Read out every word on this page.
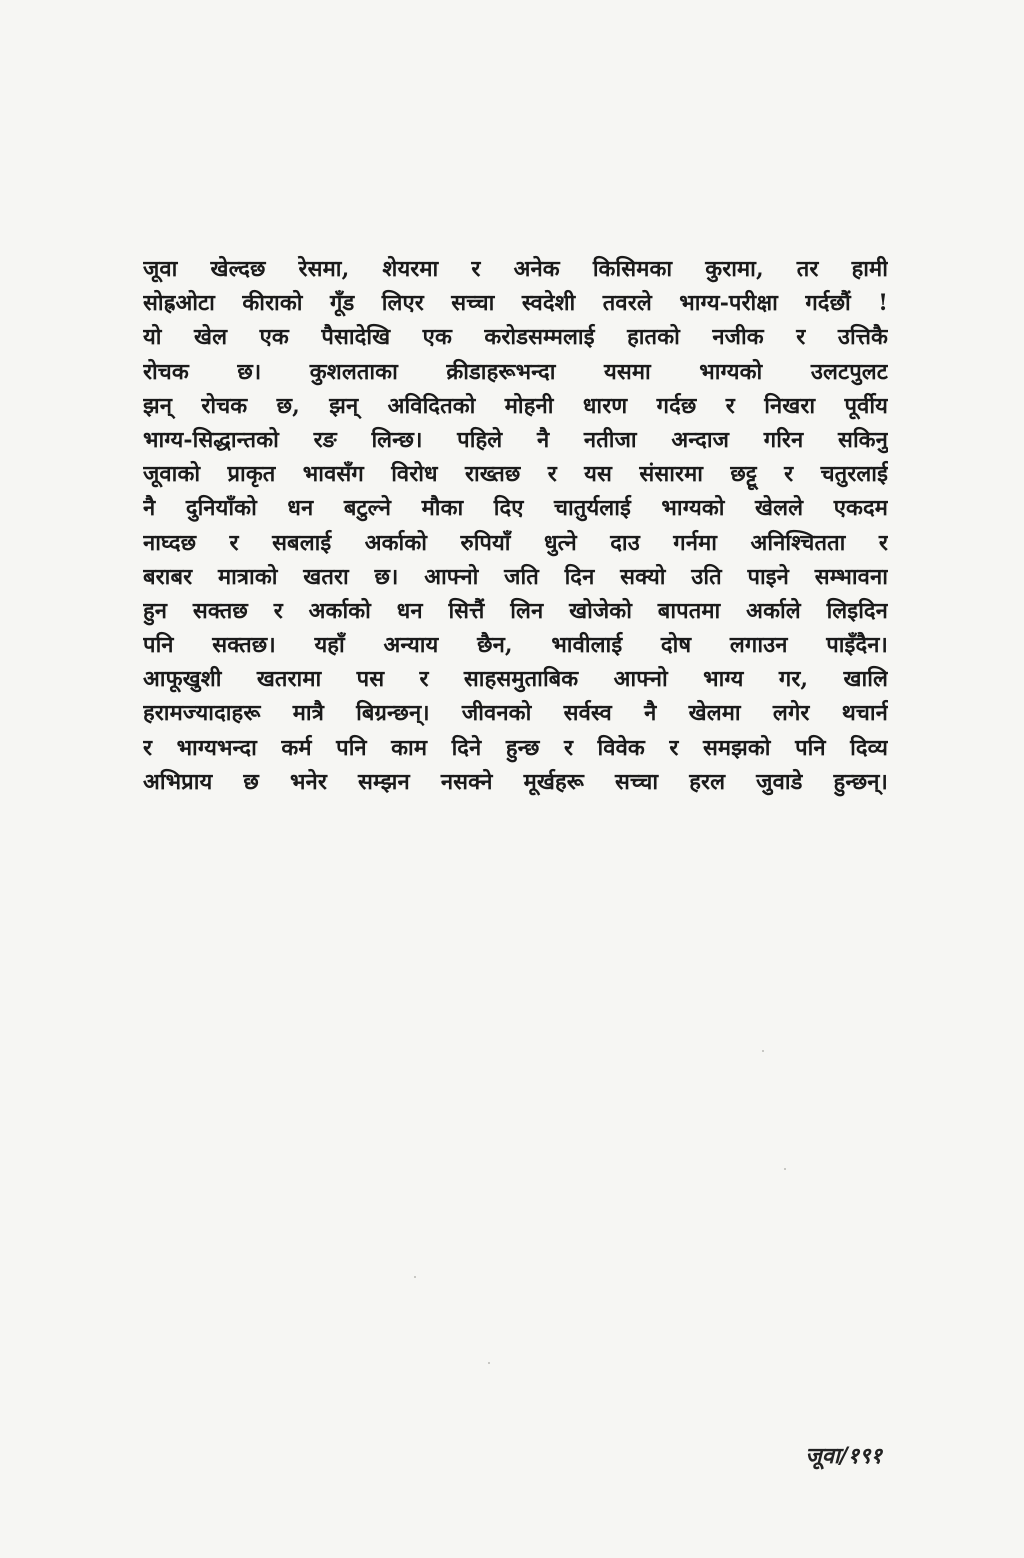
जूवा खेल्दछ रेसमा, शेयरमा र अनेक किसिमका कुरामा, तर हामी
सोह्रओटा कीराको गूँड लिएर सच्चा स्वदेशी तवरले भाग्य-परीक्षा गर्दछौं !
यो खेल एक पैसादेखि एक करोडसम्मलाई हातको नजीक र उत्तिकै
रोचक छ। कुशलताका क्रीडाहरूभन्दा यसमा भाग्यको उलटपुलट
झन् रोचक छ, झन् अविदितको मोहनी धारण गर्दछ र निखरा पूर्वीय
भाग्य-सिद्धान्तको रङ लिन्छ। पहिले नै नतीजा अन्दाज गरिन सकिनु
जूवाको प्राकृत भावसँग विरोध राख्तछ र यस संसारमा छट्टू र चतुरलाई
नै दुनियाँको धन बटुल्ने मौका दिए चातुर्यलाई भाग्यको खेलले एकदम
नाघ्दछ र सबलाई अर्काको रुपियाँ धुत्ने दाउ गर्नमा अनिश्चितता र
बराबर मात्राको खतरा छ। आफ्नो जति दिन सक्यो उति पाइने सम्भावना
हुन सक्तछ र अर्काको धन सित्तैं लिन खोजेको बापतमा अर्काले लिइदिन
पनि सक्तछ। यहाँ अन्याय छैन, भावीलाई दोष लगाउन पाइँदैन।
आफूखुशी खतरामा पस र साहसमुताबिक आफ्नो भाग्य गर, खालि
हरामज्यादाहरू मात्रै बिग्रन्छन्। जीवनको सर्वस्व नै खेलमा लगेर थचार्न
र भाग्यभन्दा कर्म पनि काम दिने हुन्छ र विवेक र समझको पनि दिव्य
अभिप्राय छ भनेर सम्झन नसक्ने मूर्खहरू सच्चा हरल जुवाडे हुन्छन्।
जूवा/१९१
